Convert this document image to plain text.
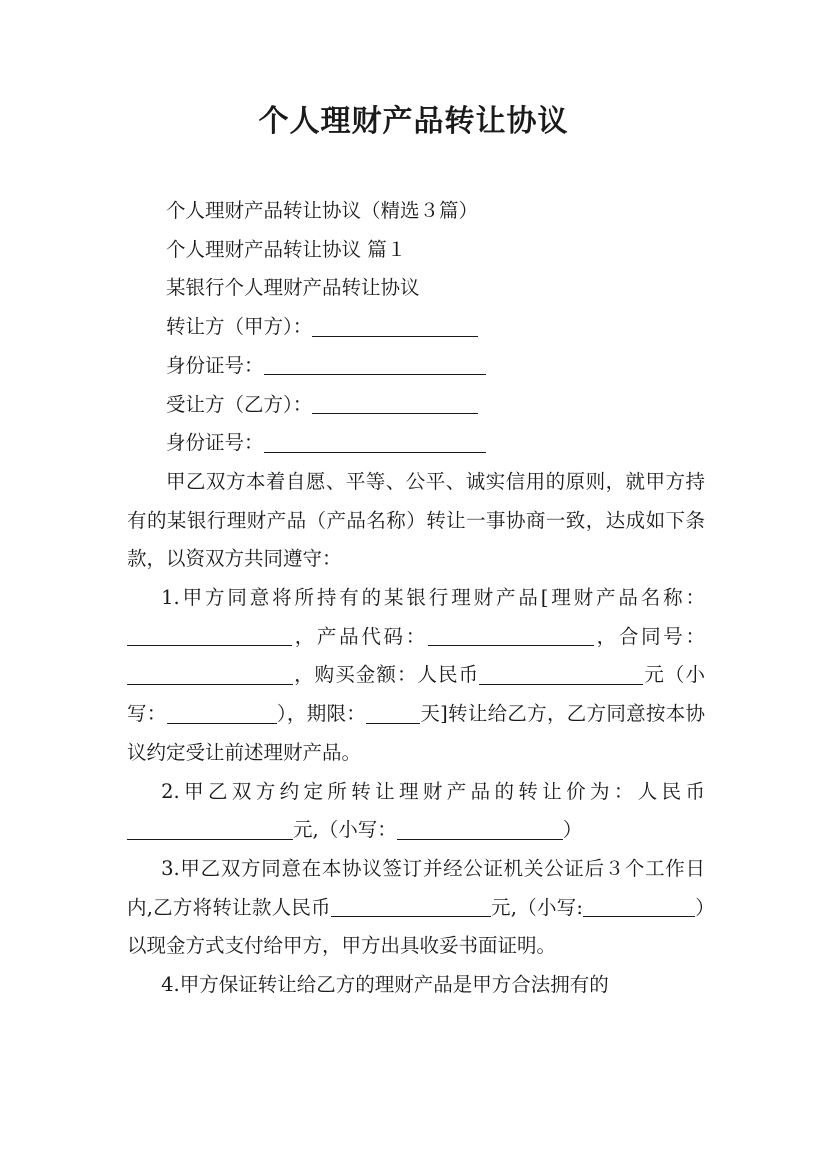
个人理财产品转让协议

个人理财产品转让协议（精选３篇）

个人理财产品转让协议 篇１

某银行个人理财产品转让协议

转让方（甲方）：

身份证号：

受让方（乙方）：

身份证号：

甲乙双方本着自愿、平等、公平、诚实信用的原则，就甲方持有的某银行理财产品（产品名称）转让一事协商一致，达成如下条款，以资双方共同遵守：

1.甲方同意将所持有的某银行理财产品[理财产品名称：，产品代码：	，合同号：，购买金额：人民币	元（小写：	），期限：	天]转让给乙方，乙方同意按本协议约定受让前述理财产品。

2.甲乙双方约定所转让理财产品的转让价为：人民币元,（小写：	）

3.甲乙双方同意在本协议签订并经公证机关公证后３个工作日内,乙方将转让款人民币	元,（小写:	）以现金方式支付给甲方，甲方出具收妥书面证明。

4.甲方保证转让给乙方的理财产品是甲方合法拥有的
